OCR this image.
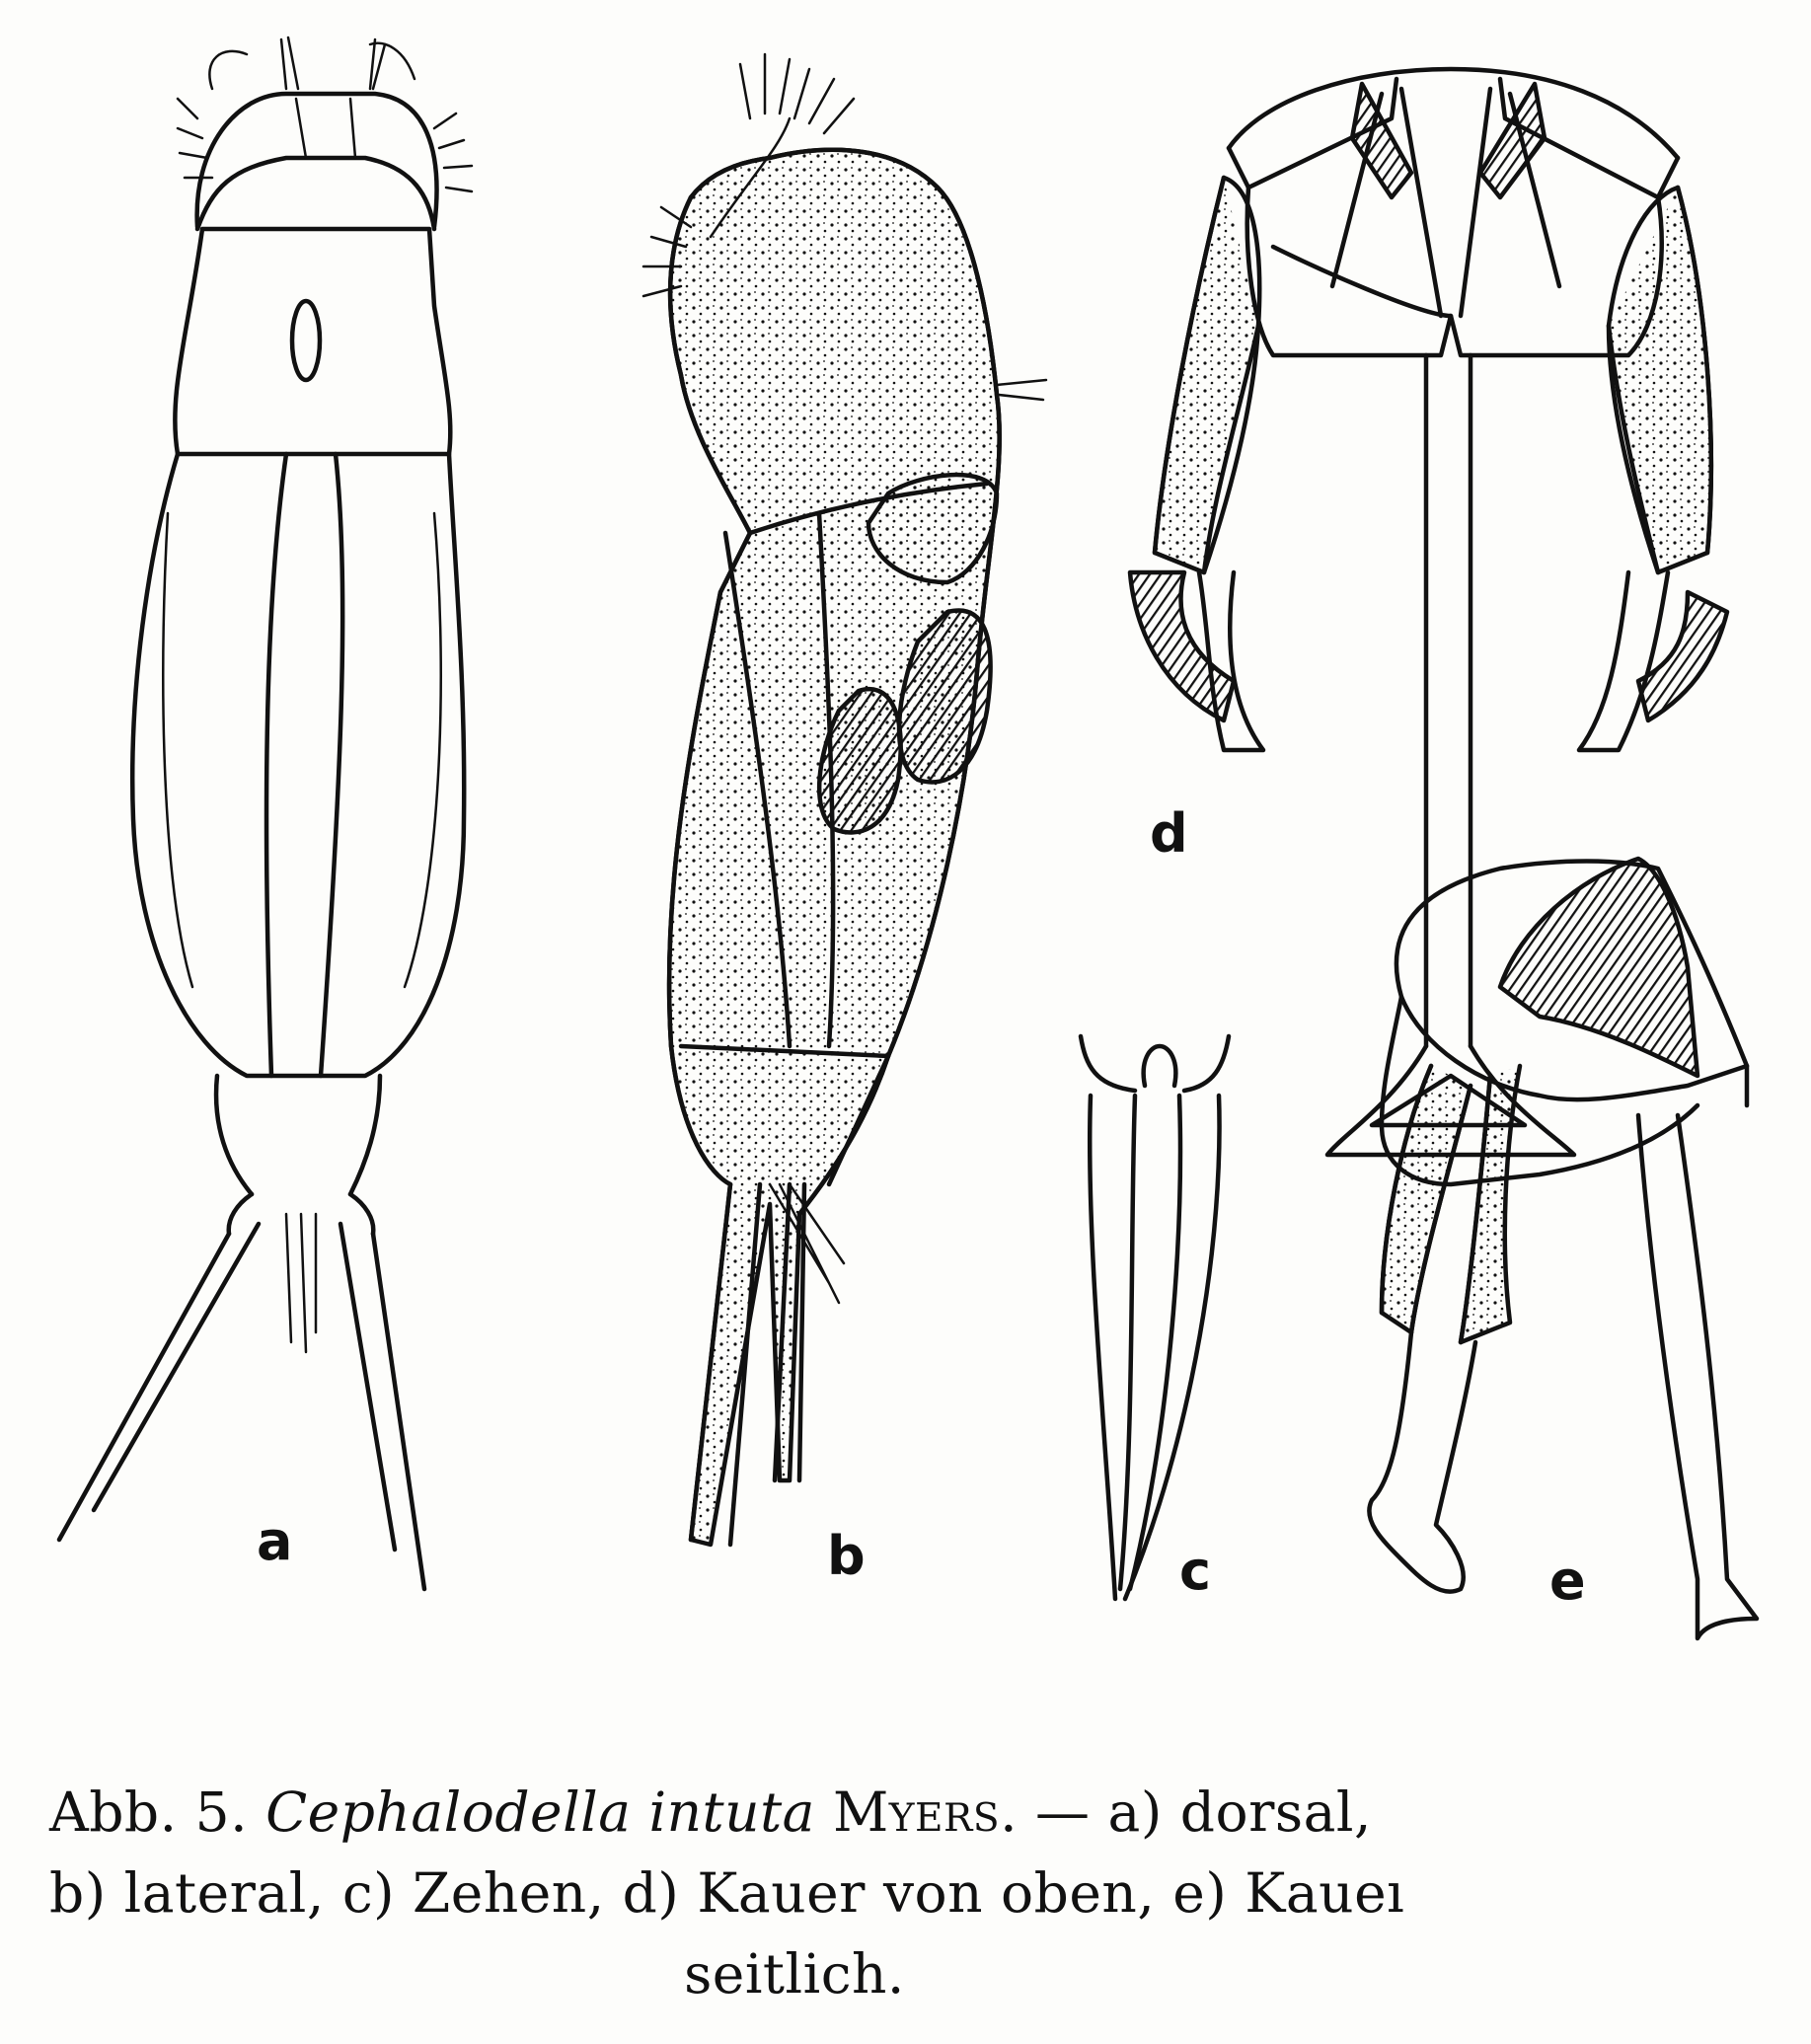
a	b	c
d
e
Abb. 5. Cephalodella intuta Myers. — a) dorsal,
b) lateral, c) Zehen, d) Kauer von oben, e) Kaueı
seitlich.
